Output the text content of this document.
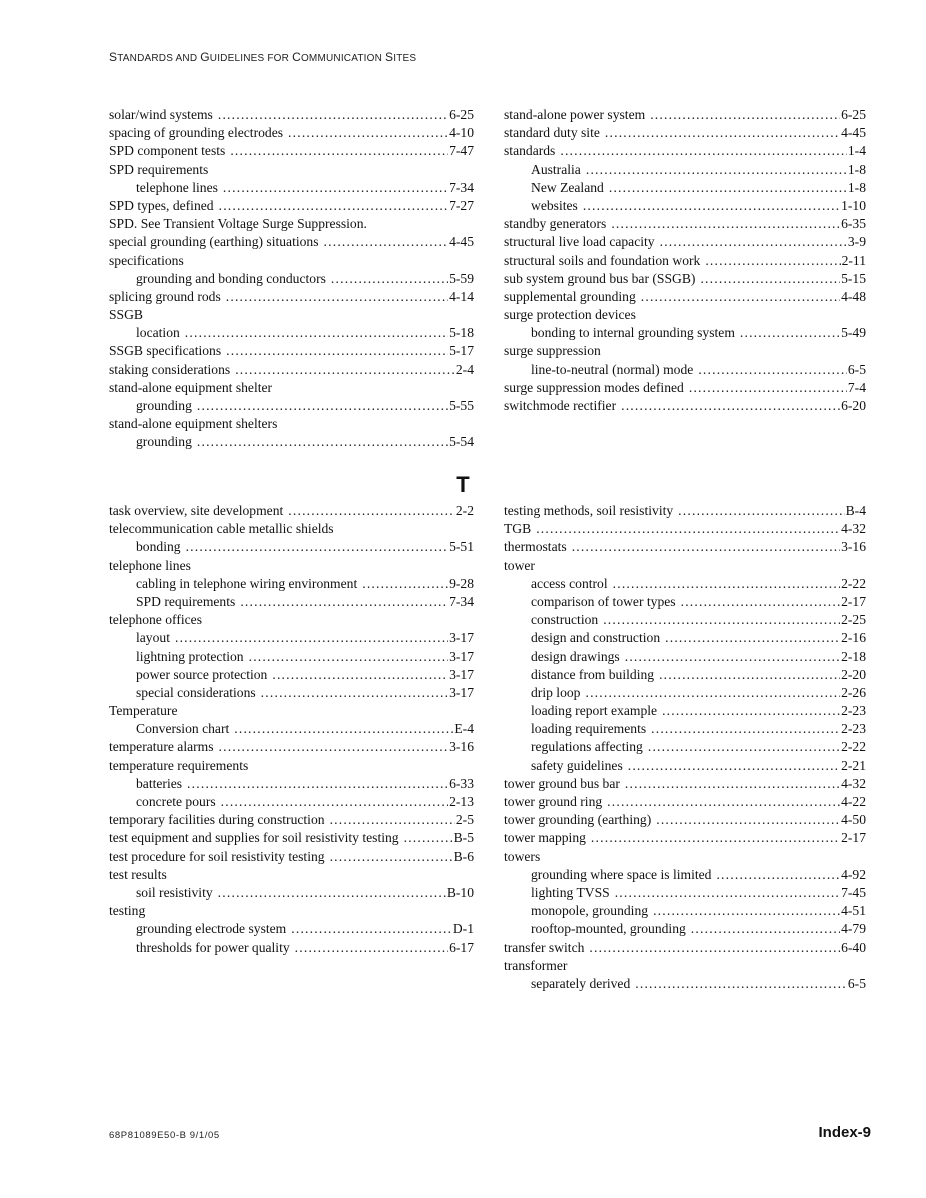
STANDARDS AND GUIDELINES FOR COMMUNICATION SITES
solar/wind systems .....	6-25
spacing of grounding electrodes .....	4-10
SPD component tests .....	7-47
SPD requirements
telephone lines .....	7-34
SPD types, defined .....	7-27
SPD. See Transient Voltage Surge Suppression.
special grounding (earthing) situations .....	4-45
specifications
grounding and bonding conductors .....	5-59
splicing ground rods .....	4-14
SSGB
location .....	5-18
SSGB specifications .....	5-17
staking considerations .....	2-4
stand-alone equipment shelter
grounding .....	5-55
stand-alone equipment shelters
grounding .....	5-54
stand-alone power system .....	6-25
standard duty site .....	4-45
standards .....	1-4
Australia .....	1-8
New Zealand .....	1-8
websites .....	1-10
standby generators .....	6-35
structural live load capacity .....	3-9
structural soils and foundation work .....	2-11
sub system ground bus bar (SSGB) .....	5-15
supplemental grounding .....	4-48
surge protection devices
bonding to internal grounding system .....	5-49
surge suppression
line-to-neutral (normal) mode .....	6-5
surge suppression modes defined .....	7-4
switchmode rectifier .....	6-20
T
task overview, site development .....	2-2
telecommunication cable metallic shields
bonding .....	5-51
telephone lines
cabling in telephone wiring environment .....	9-28
SPD requirements .....	7-34
telephone offices
layout .....	3-17
lightning protection .....	3-17
power source protection .....	3-17
special considerations .....	3-17
Temperature
Conversion chart .....	E-4
temperature alarms .....	3-16
temperature requirements
batteries .....	6-33
concrete pours .....	2-13
temporary facilities during construction .....	2-5
test equipment and supplies for soil resistivity testing .....	B-5
test procedure for soil resistivity testing .....	B-6
test results
soil resistivity .....	B-10
testing
grounding electrode system .....	D-1
thresholds for power quality .....	6-17
testing methods, soil resistivity .....	B-4
TGB .....	4-32
thermostats .....	3-16
tower
access control .....	2-22
comparison of tower types .....	2-17
construction .....	2-25
design and construction .....	2-16
design drawings .....	2-18
distance from building .....	2-20
drip loop .....	2-26
loading report example .....	2-23
loading requirements .....	2-23
regulations affecting .....	2-22
safety guidelines .....	2-21
tower ground bus bar .....	4-32
tower ground ring .....	4-22
tower grounding (earthing) .....	4-50
tower mapping .....	2-17
towers
grounding where space is limited .....	4-92
lighting TVSS .....	7-45
monopole, grounding .....	4-51
rooftop-mounted, grounding .....	4-79
transfer switch .....	6-40
transformer
separately derived .....	6-5
68P81089E50-B 9/1/05	Index-9
